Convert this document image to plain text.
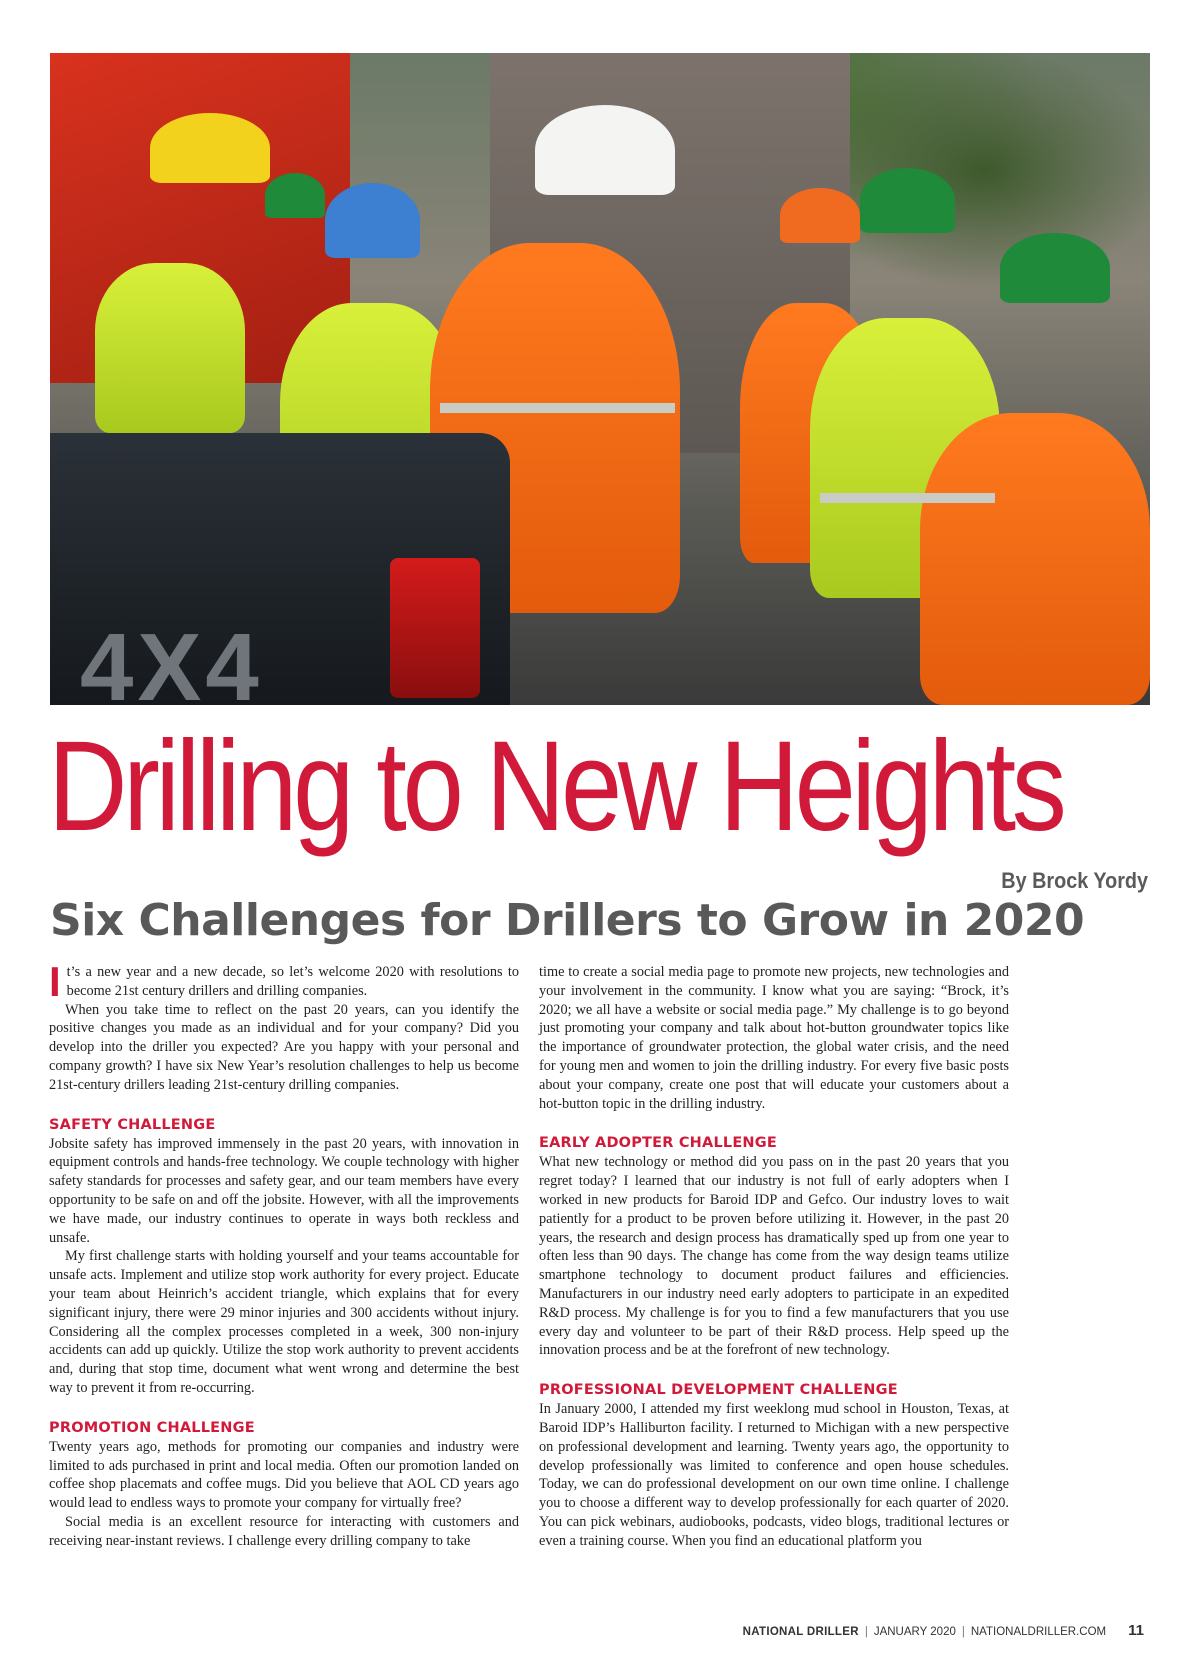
4X4
Drilling to New Heights
By Brock Yordy
Six Challenges for Drillers to Grow in 2020

It’s a new year and a new decade, so let’s welcome 2020 with resolutions to become 21st century drillers and drilling companies.

When you take time to reflect on the past 20 years, can you identify the positive changes you made as an individual and for your company? Did you develop into the driller you expected? Are you happy with your personal and company growth? I have six New Year’s resolution challenges to help us become 21st-century drillers leading 21st-century drilling companies.

SAFETY CHALLENGE

Jobsite safety has improved immensely in the past 20 years, with innovation in equipment controls and hands-free technology. We couple technology with higher safety standards for processes and safety gear, and our team members have every opportunity to be safe on and off the jobsite. However, with all the improvements we have made, our industry continues to operate in ways both reckless and unsafe.

My first challenge starts with holding yourself and your teams accountable for unsafe acts. Implement and utilize stop work authority for every project. Educate your team about Heinrich’s accident triangle, which explains that for every significant injury, there were 29 minor injuries and 300 accidents without injury. Considering all the complex processes completed in a week, 300 non-injury accidents can add up quickly. Utilize the stop work authority to prevent accidents and, during that stop time, document what went wrong and determine the best way to prevent it from re-occurring.

PROMOTION CHALLENGE

Twenty years ago, methods for promoting our companies and industry were limited to ads purchased in print and local media. Often our promotion landed on coffee shop placemats and coffee mugs. Did you believe that AOL CD years ago would lead to endless ways to promote your company for virtually free?

Social media is an excellent resource for interacting with customers and receiving near-instant reviews. I challenge every drilling company to take

time to create a social media page to promote new projects, new technologies and your involvement in the community. I know what you are saying: “Brock, it’s 2020; we all have a website or social media page.” My challenge is to go beyond just promoting your company and talk about hot-button groundwater topics like the importance of groundwater protection, the global water crisis, and the need for young men and women to join the drilling industry. For every five basic posts about your company, create one post that will educate your customers about a hot-button topic in the drilling industry.

EARLY ADOPTER CHALLENGE

What new technology or method did you pass on in the past 20 years that you regret today? I learned that our industry is not full of early adopters when I worked in new products for Baroid IDP and Gefco. Our industry loves to wait patiently for a product to be proven before utilizing it. However, in the past 20 years, the research and design process has dramatically sped up from one year to often less than 90 days. The change has come from the way design teams utilize smartphone technology to document product failures and efficiencies. Manufacturers in our industry need early adopters to participate in an expedited R&D process. My challenge is for you to find a few manufacturers that you use every day and volunteer to be part of their R&D process. Help speed up the innovation process and be at the forefront of new technology.

PROFESSIONAL DEVELOPMENT CHALLENGE

In January 2000, I attended my first weeklong mud school in Houston, Texas, at Baroid IDP’s Halliburton facility. I returned to Michigan with a new perspective on professional development and learning. Twenty years ago, the opportunity to develop professionally was limited to conference and open house schedules. Today, we can do professional development on our own time online. I challenge you to choose a different way to develop professionally for each quarter of 2020. You can pick webinars, audiobooks, podcasts, video blogs, traditional lectures or even a training course. When you find an educational platform you

NATIONAL DRILLER | JANUARY 2020 | NATIONALDRILLER.COM 11
